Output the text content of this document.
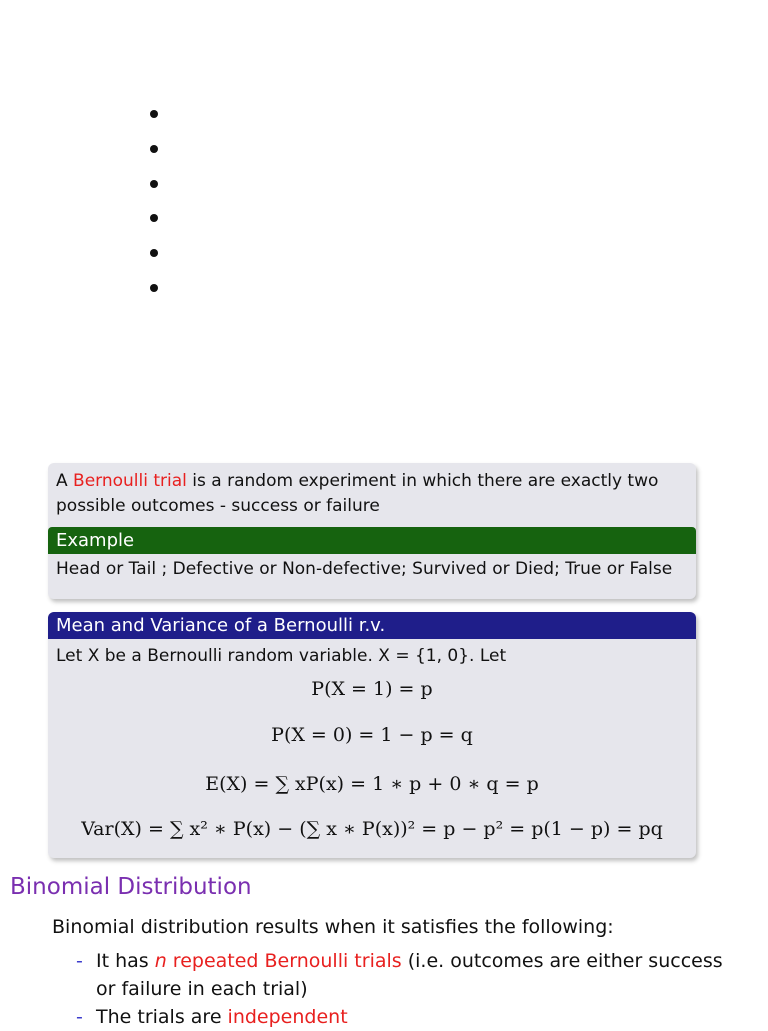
A Bernoulli trial is a random experiment in which there are exactly two possible outcomes - success or failure
Example
Head or Tail ; Defective or Non-defective; Survived or Died; True or False
Mean and Variance of a Bernoulli r.v.
Let X be a Bernoulli random variable. X = {1, 0}. Let
P(X = 1) = p
P(X = 0) = 1 − p = q
E(X) = ∑ xP(x) = 1 ∗ p + 0 ∗ q = p
Var(X) = ∑ x² ∗ P(x) − (∑ x ∗ P(x))² = p − p² = p(1 − p) = pq
Binomial Distribution
Binomial distribution results when it satisfies the following:
- It has n repeated Bernoulli trials (i.e. outcomes are either success or failure in each trial)
- The trials are independent
